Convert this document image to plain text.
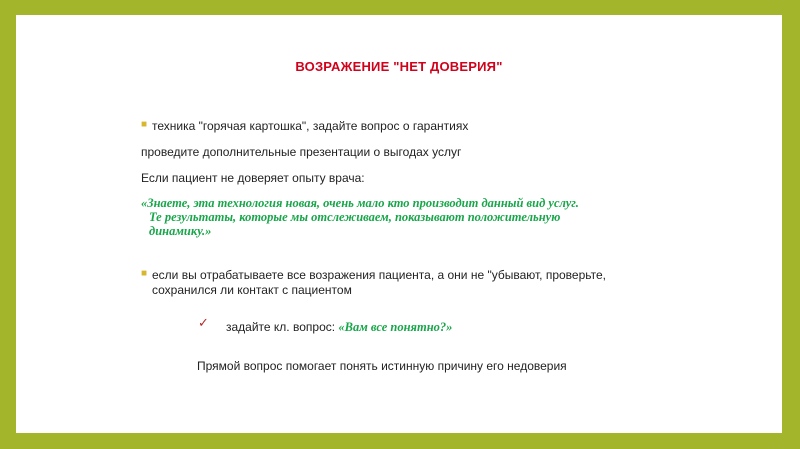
ВОЗРАЖЕНИЕ "НЕТ ДОВЕРИЯ"
■ техника "горячая картошка", задайте вопрос о гарантиях
проведите дополнительные презентации о выгодах услуг
Если пациент не доверяет опыту врача:
«Знаете, эта технология новая, очень мало кто производит данный вид услуг.
Те результаты, которые мы отслеживаем, показывают положительную
динамику.»
■ если вы отрабатываете все возражения пациента, а они не "убывают, проверьте,
сохранился ли контакт с пациентом
✓ задайте кл. вопрос: «Вам все понятно?»
Прямой вопрос помогает понять истинную причину его недоверия
